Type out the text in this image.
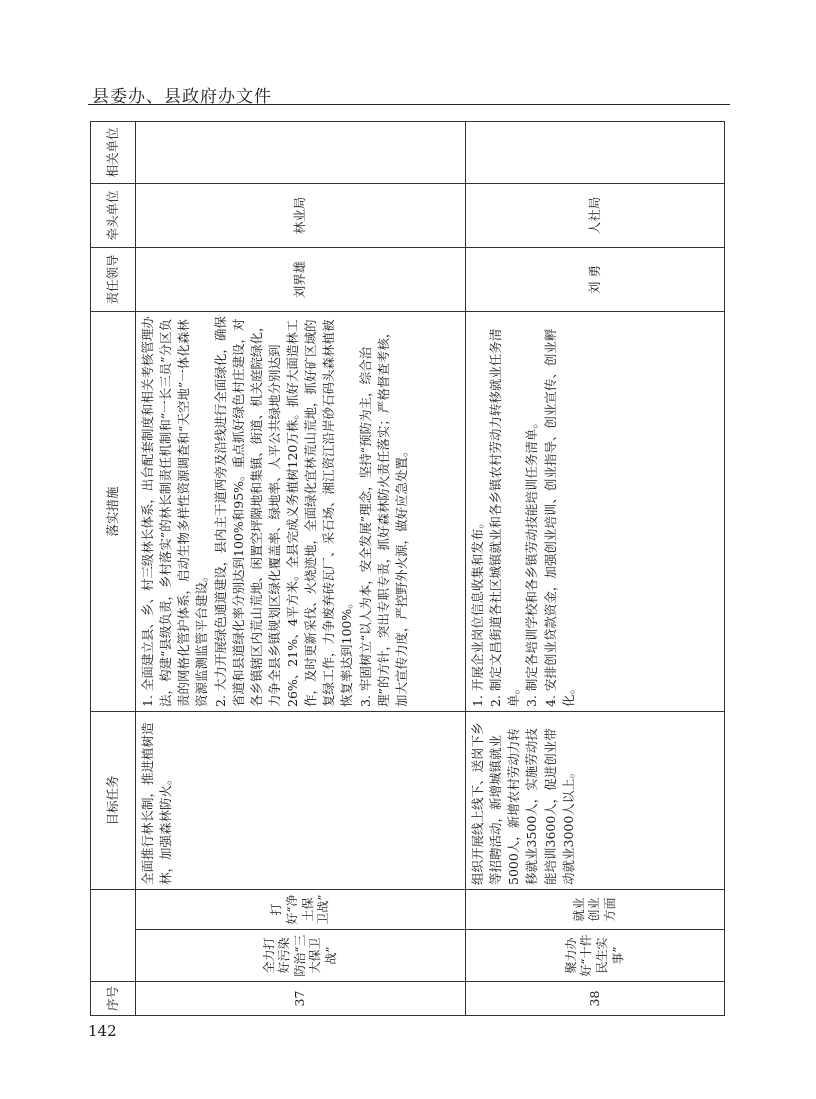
县委办、县政府办文件
序号			目标任务	落实措施	责任领导	牵头单位	相关单位
37	全力打好污染防治“三大保卫战”	打好“净土保卫战”	全面推行林长制，推进植树造林，加强森林防火。	1. 全面建立县、乡、村三级林长体系，出台配套制度和相关考核管理办法，构建“县级负责，乡村落实”的林长制责任机制和“一长三员”分区负责的网格化管护体系，启动生物多样性资源调查和“天空地”一体化森林资源监测监管平台建设。 2. 大力开展绿色通道建设，县内主干道两旁及沿线进行全面绿化，确保省道和县道绿化率分别达到100%和95%。重点抓好绿色村庄建设，对各乡镇辖区内荒山荒地、闲置空坪隙地和集镇、街道、机关庭院绿化，力争全县乡镇规划区绿化覆盖率、绿地率、人平公共绿地分别达到26%、21%、4平方米。全县完成义务植树120万株。抓好大面造林工作，及时更新采伐、火烧迹地，全面绿化宜林荒山荒地，抓好矿区域的复绿工作，力争废弃砖瓦厂、采石场、湘江资江沿岸砂石码头森林植被恢复率达到100%。 3. 牢固树立“以人为本，安全发展”理念，坚持“预防为主，综合治理”的方针，突出专职专责，抓好森林防火责任落实；严格督查考核，加大宣传力度，严控野外火源，做好应急处置。	刘界雄	林业局	
38	聚力办好“十件民生实事”	就业创业方面	组织开展线上线下、送岗下乡等招聘活动，新增城镇就业5000人，新增农村劳动力转移就业3500人，实施劳动技能培训3600人，促进创业带动就业3000人以上。	1. 开展企业岗位信息收集和发布。 2. 制定文昌街道各社区城镇就业和各乡镇农村劳动力转移就业任务清单。 3. 制定各培训学校和各乡镇劳动技能培训任务清单。 4. 安排创业贷款资金，加强创业培训、创业指导、创业宣传、创业孵化。	刘 勇	人社局	
142
